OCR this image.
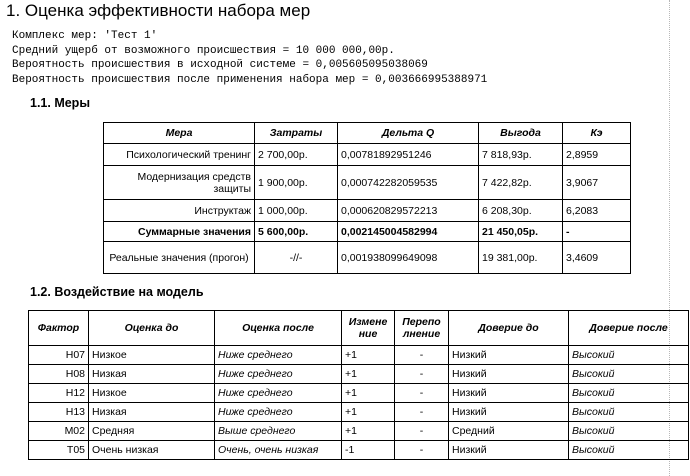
1. Оценка эффективности набора мер
Комплекс мер: 'Тест 1'
Средний ущерб от возможного происшествия = 10 000 000,00р.
Вероятность происшествия в исходной системе = 0,005605095038069
Вероятность происшествия после применения набора мер = 0,003666995388971
1.1. Меры
Мера	Затраты	Дельта Q	Выгода	Кэ
Психологический тренинг	2 700,00р.	0,00781892951246	7 818,93р.	2,8959
Модернизация средств защиты	1 900,00р.	0,000742282059535	7 422,82р.	3,9067
Инструктаж	1 000,00р.	0,000620829572213	6 208,30р.	6,2083
Суммарные значения	5 600,00р.	0,002145004582994	21 450,05р.	-
Реальные значения (прогон)	-//-	0,001938099649098	19 381,00р.	3,4609
1.2. Воздействие на модель
Фактор	Оценка до	Оценка после	Измене ние	Перепо лнение	Доверие до	Доверие после
H07	Низкое	Ниже среднего	+1	-	Низкий	Высокий
H08	Низкая	Ниже среднего	+1	-	Низкий	Высокий
H12	Низкое	Ниже среднего	+1	-	Низкий	Высокий
H13	Низкая	Ниже среднего	+1	-	Низкий	Высокий
M02	Средняя	Выше среднего	+1	-	Средний	Высокий
T05	Очень низкая	Очень, очень низкая	-1	-	Низкий	Высокий
